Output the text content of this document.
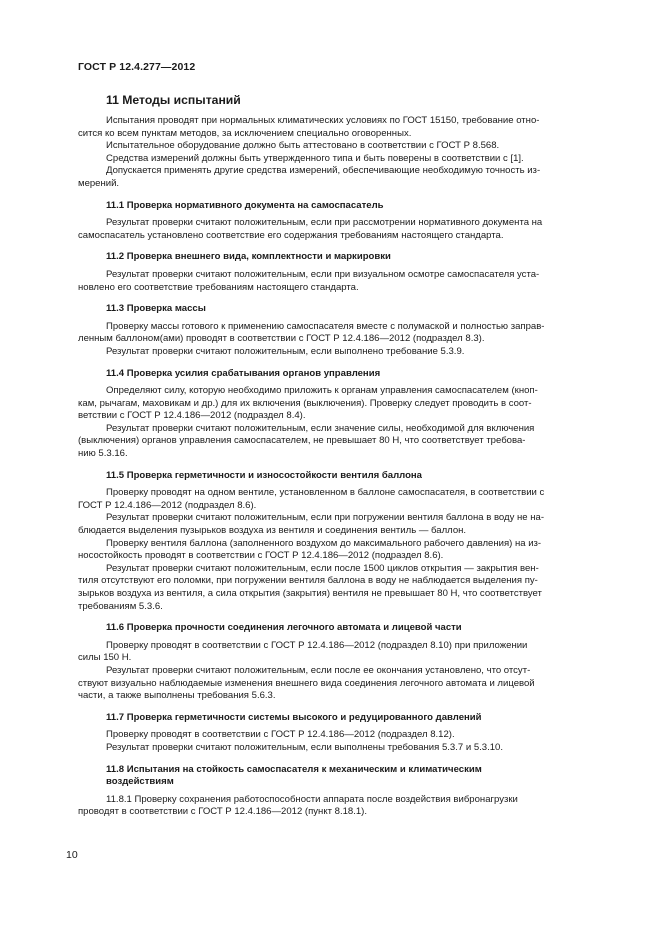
ГОСТ Р 12.4.277—2012
11 Методы испытаний

Испытания проводят при нормальных климатических условиях по ГОСТ 15150, требование отно-
сится ко всем пунктам методов, за исключением специально оговоренных.

Испытательное оборудование должно быть аттестовано в соответствии с ГОСТ Р 8.568.

Средства измерений должны быть утвержденного типа и быть поверены в соответствии с [1].

Допускается применять другие средства измерений, обеспечивающие необходимую точность из-
мерений.

11.1 Проверка нормативного документа на самоспасатель

Результат проверки считают положительным, если при рассмотрении нормативного документа на
самоспасатель установлено соответствие его содержания требованиям настоящего стандарта.

11.2 Проверка внешнего вида, комплектности и маркировки

Результат проверки считают положительным, если при визуальном осмотре самоспасателя уста-
новлено его соответствие требованиям настоящего стандарта.

11.3 Проверка массы

Проверку массы готового к применению самоспасателя вместе с полумаской и полностью заправ-
ленным баллоном(ами) проводят в соответствии с ГОСТ Р 12.4.186—2012 (подраздел 8.3).

Результат проверки считают положительным, если выполнено требование 5.3.9.

11.4 Проверка усилия срабатывания органов управления

Определяют силу, которую необходимо приложить к органам управления самоспасателем (кноп-
кам, рычагам, маховикам и др.) для их включения (выключения). Проверку следует проводить в соот-
ветствии с ГОСТ Р 12.4.186—2012 (подраздел 8.4).

Результат проверки считают положительным, если значение силы, необходимой для включения
(выключения) органов управления самоспасателем, не превышает 80 Н, что соответствует требова-
нию 5.3.16.

11.5 Проверка герметичности и износостойкости вентиля баллона

Проверку проводят на одном вентиле, установленном в баллоне самоспасателя, в соответствии с
ГОСТ Р 12.4.186—2012 (подраздел 8.6).

Результат проверки считают положительным, если при погружении вентиля баллона в воду не на-
блюдается выделения пузырьков воздуха из вентиля и соединения вентиль — баллон.

Проверку вентиля баллона (заполненного воздухом до максимального рабочего давления) на из-
носостойкость проводят в соответствии с ГОСТ Р 12.4.186—2012 (подраздел 8.6).

Результат проверки считают положительным, если после 1500 циклов открытия — закрытия вен-
тиля отсутствуют его поломки, при погружении вентиля баллона в воду не наблюдается выделения пу-
зырьков воздуха из вентиля, а сила открытия (закрытия) вентиля не превышает 80 Н, что соответствует
требованиям 5.3.6.

11.6 Проверка прочности соединения легочного автомата и лицевой части

Проверку проводят в соответствии с ГОСТ Р 12.4.186—2012 (подраздел 8.10) при приложении
силы 150 Н.

Результат проверки считают положительным, если после ее окончания установлено, что отсут-
ствуют визуально наблюдаемые изменения внешнего вида соединения легочного автомата и лицевой
части, а также выполнены требования 5.6.3.

11.7 Проверка герметичности системы высокого и редуцированного давлений

Проверку проводят в соответствии с ГОСТ Р 12.4.186—2012 (подраздел 8.12).

Результат проверки считают положительным, если выполнены требования 5.3.7 и 5.3.10.

11.8 Испытания на стойкость самоспасателя к механическим и климатическим
воздействиям

11.8.1 Проверку сохранения работоспособности аппарата после воздействия вибронагрузки
проводят в соответствии с ГОСТ Р 12.4.186—2012 (пункт 8.18.1).

10
